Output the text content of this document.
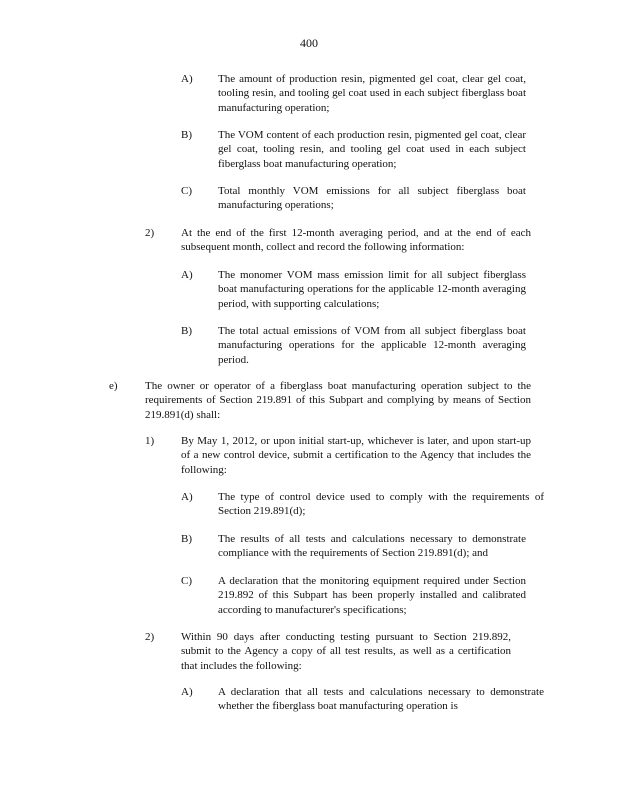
400
A) The amount of production resin, pigmented gel coat, clear gel coat, tooling resin, and tooling gel coat used in each subject fiberglass boat manufacturing operation;
B) The VOM content of each production resin, pigmented gel coat, clear gel coat, tooling resin, and tooling gel coat used in each subject fiberglass boat manufacturing operation;
C) Total monthly VOM emissions for all subject fiberglass boat manufacturing operations;
2) At the end of the first 12-month averaging period, and at the end of each subsequent month, collect and record the following information:
A) The monomer VOM mass emission limit for all subject fiberglass boat manufacturing operations for the applicable 12-month averaging period, with supporting calculations;
B) The total actual emissions of VOM from all subject fiberglass boat manufacturing operations for the applicable 12-month averaging period.
e) The owner or operator of a fiberglass boat manufacturing operation subject to the requirements of Section 219.891 of this Subpart and complying by means of Section 219.891(d) shall:
1) By May 1, 2012, or upon initial start-up, whichever is later, and upon start-up of a new control device, submit a certification to the Agency that includes the following:
A) The type of control device used to comply with the requirements of Section 219.891(d);
B) The results of all tests and calculations necessary to demonstrate compliance with the requirements of Section 219.891(d); and
C) A declaration that the monitoring equipment required under Section 219.892 of this Subpart has been properly installed and calibrated according to manufacturer's specifications;
2) Within 90 days after conducting testing pursuant to Section 219.892, submit to the Agency a copy of all test results, as well as a certification that includes the following:
A) A declaration that all tests and calculations necessary to demonstrate whether the fiberglass boat manufacturing operation is
